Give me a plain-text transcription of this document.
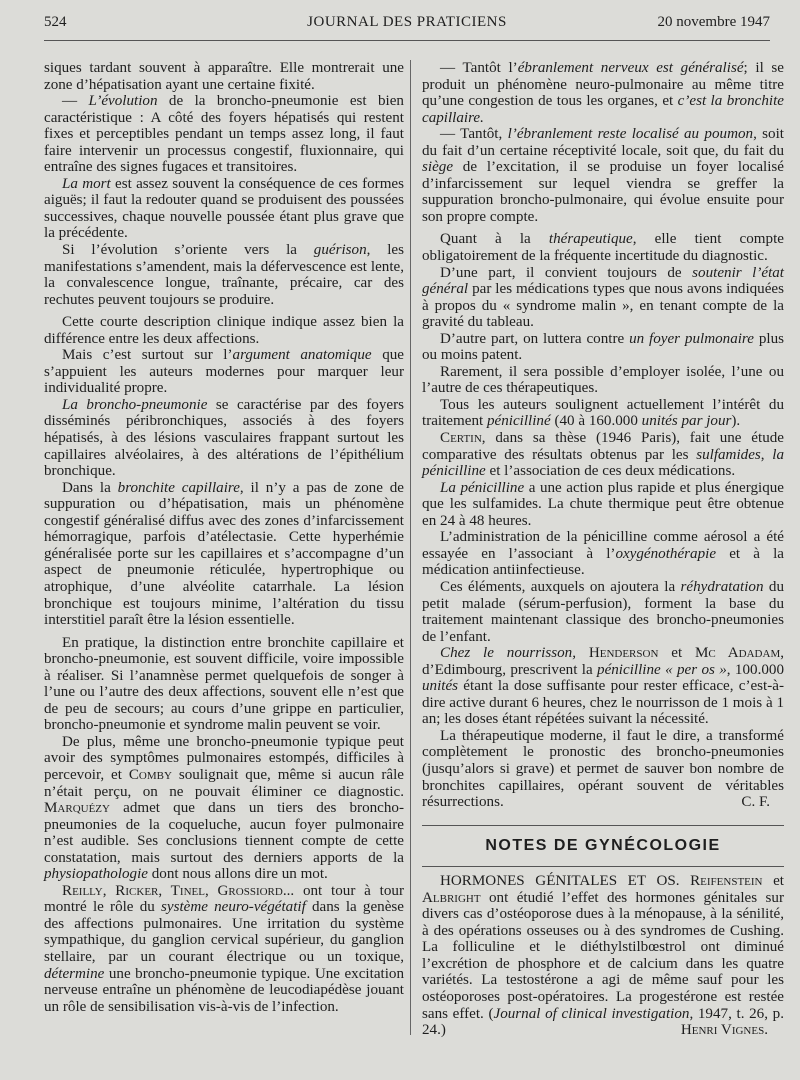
524	JOURNAL DES PRATICIENS	20 novembre 1947

siques tardant souvent à apparaître. Elle montrerait une zone d’hépatisation ayant une certaine fixité.

— L’évolution de la broncho-pneumonie est bien caractéristique : A côté des foyers hépatisés qui restent fixes et perceptibles pendant un temps assez long, il faut faire intervenir un processus congestif, fluxionnaire, qui entraîne des signes fugaces et transitoires.

La mort est assez souvent la conséquence de ces formes aiguës; il faut la redouter quand se produisent des poussées successives, chaque nouvelle poussée étant plus grave que la précédente.

Si l’évolution s’oriente vers la guérison, les manifestations s’amendent, mais la défervescence est lente, la convalescence longue, traînante, précaire, car des rechutes peuvent toujours se produire.

Cette courte description clinique indique assez bien la différence entre les deux affections.

Mais c’est surtout sur l’argument anatomique que s’appuient les auteurs modernes pour marquer leur individualité propre.

La broncho-pneumonie se caractérise par des foyers disséminés péribronchiques, associés à des foyers hépatisés, à des lésions vasculaires frappant surtout les capillaires alvéolaires, à des altérations de l’épithélium bronchique.

Dans la bronchite capillaire, il n’y a pas de zone de suppuration ou d’hépatisation, mais un phénomène congestif généralisé diffus avec des zones d’infarcissement hémorragique, parfois d’atélectasie. Cette hyperhémie généralisée porte sur les capillaires et s’accompagne d’un aspect de pneumonie réticulée, hypertrophique ou atrophique, d’une alvéolite catarrhale. La lésion bronchique est toujours minime, l’altération du tissu interstitiel paraît être la lésion essentielle.

En pratique, la distinction entre bronchite capillaire et broncho-pneumonie, est souvent difficile, voire impossible à réaliser. Si l’anamnèse permet quelquefois de songer à l’une ou l’autre des deux affections, souvent elle n’est que de peu de secours; au cours d’une grippe en particulier, broncho-pneumonie et syndrome malin peuvent se voir.

De plus, même une broncho-pneumonie typique peut avoir des symptômes pulmonaires estompés, difficiles à percevoir, et Comby soulignait que, même si aucun râle n’était perçu, on ne pouvait éliminer ce diagnostic. Marquézy admet que dans un tiers des broncho-pneumonies de la coqueluche, aucun foyer pulmonaire n’est audible. Ses conclusions tiennent compte de cette constatation, mais surtout des derniers apports de la physiopathologie dont nous allons dire un mot.

Reilly, Ricker, Tinel, Grossiord... ont tour à tour montré le rôle du système neuro-végétatif dans la genèse des affections pulmonaires. Une irritation du système sympathique, du ganglion cervical supérieur, du ganglion stellaire, par un courant électrique ou un toxique, détermine une broncho-pneumonie typique. Une excitation nerveuse entraîne un phénomène de leucodiapédèse jouant un rôle de sensibilisation vis-à-vis de l’infection.

— Tantôt l’ébranlement nerveux est généralisé; il se produit un phénomène neuro-pulmonaire au même titre qu’une congestion de tous les organes, et c’est la bronchite capillaire.

— Tantôt, l’ébranlement reste localisé au poumon, soit du fait d’un certaine réceptivité locale, soit que, du fait du siège de l’excitation, il se produise un foyer localisé d’infarcissement sur lequel viendra se greffer la suppuration broncho-pulmonaire, qui évolue ensuite pour son propre compte.

Quant à la thérapeutique, elle tient compte obligatoirement de la fréquente incertitude du diagnostic.

D’une part, il convient toujours de soutenir l’état général par les médications types que nous avons indiquées à propos du « syndrome malin », en tenant compte de la gravité du tableau.

D’autre part, on luttera contre un foyer pulmonaire plus ou moins patent.

Rarement, il sera possible d’employer isolée, l’une ou l’autre de ces thérapeutiques.

Tous les auteurs soulignent actuellement l’intérêt du traitement pénicilliné (40 à 160.000 unités par jour).

Certin, dans sa thèse (1946 Paris), fait une étude comparative des résultats obtenus par les sulfamides, la pénicilline et l’association de ces deux médications.

La pénicilline a une action plus rapide et plus énergique que les sulfamides. La chute thermique peut être obtenue en 24 à 48 heures.

L’administration de la pénicilline comme aérosol a été essayée en l’associant à l’oxygénothérapie et à la médication antiinfectieuse.

Ces éléments, auxquels on ajoutera la réhydratation du petit malade (sérum-perfusion), forment la base du traitement maintenant classique des broncho-pneumonies de l’enfant.

Chez le nourrisson, Henderson et Mc Adadam, d’Edimbourg, prescrivent la pénicilline « per os », 100.000 unités étant la dose suffisante pour rester efficace, c’est-à-dire active durant 6 heures, chez le nourrisson de 1 mois à 1 an; les doses étant répétées suivant la nécessité.

La thérapeutique moderne, il faut le dire, a transformé complètement le pronostic des broncho-pneumonies (jusqu’alors si grave) et permet de sauver bon nombre de bronchites capillaires, opérant souvent de véritables résurrections.	C. F.

NOTES DE GYNÉCOLOGIE

HORMONES GÉNITALES ET OS. Reifenstein et Albright ont étudié l’effet des hormones génitales sur divers cas d’ostéoporose dues à la ménopause, à la sénilité, à des opérations osseuses ou à des syndromes de Cushing. La folliculine et le diéthylstilbœstrol ont diminué l’excrétion de phosphore et de calcium dans les quatre variétés. La testostérone a agi de même sauf pour les ostéoporoses post-opératoires. La progestérone est restée sans effet. (Journal of clinical investigation, 1947, t. 26, p. 24.)	Henri Vignes.
